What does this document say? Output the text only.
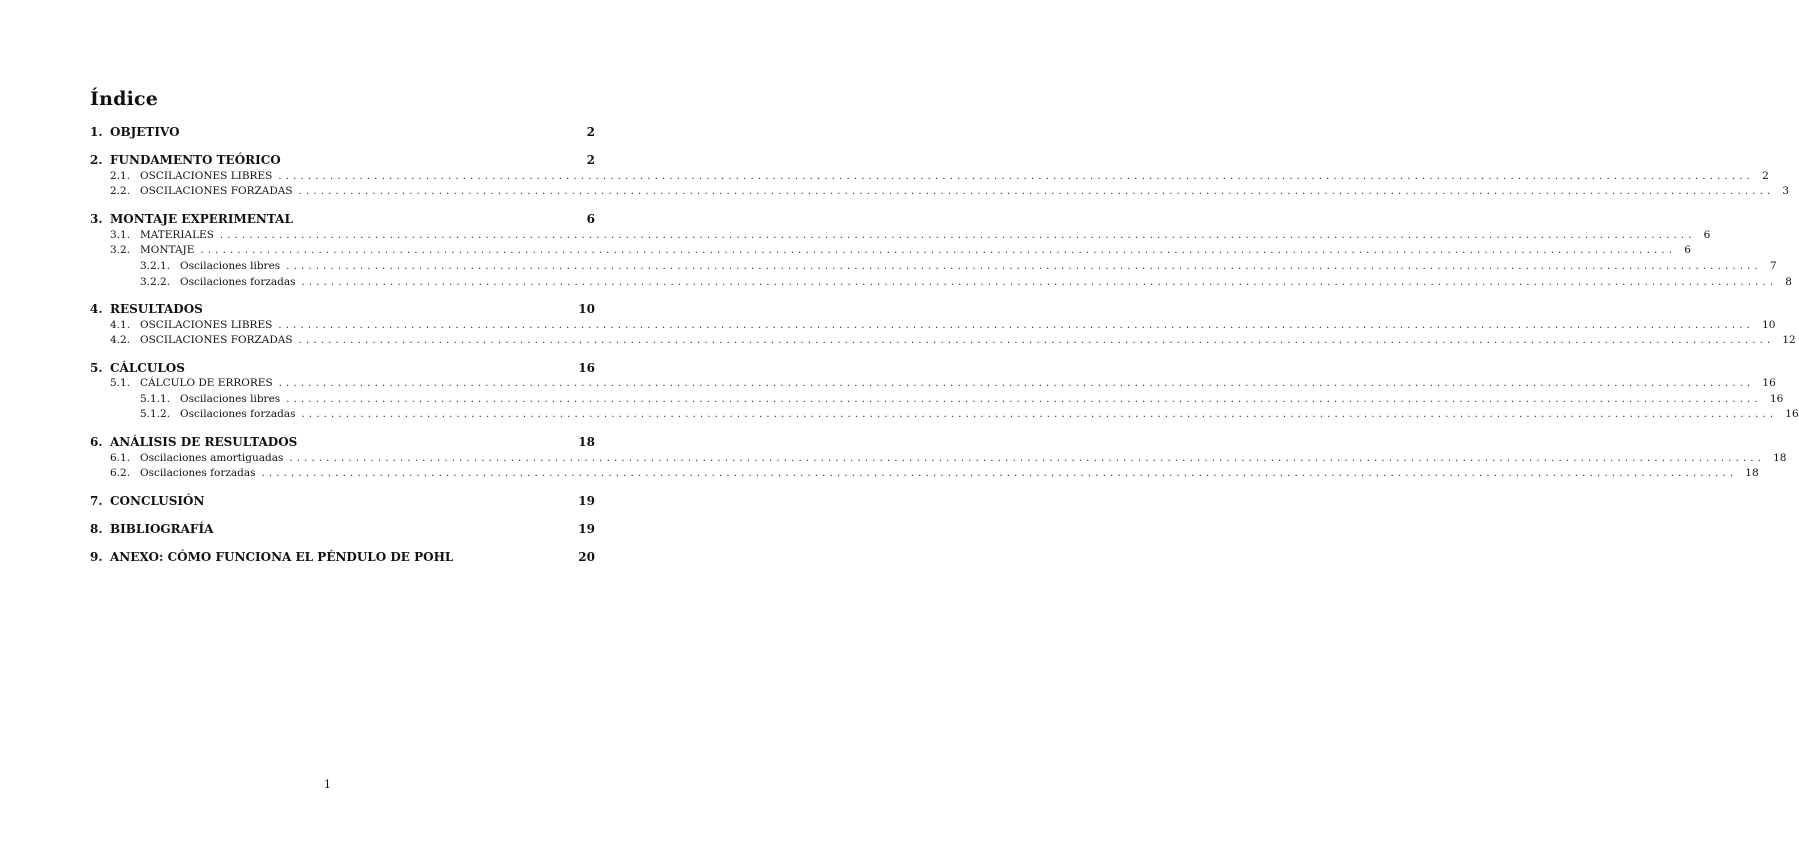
Índice
1. OBJETIVO	2
2. FUNDAMENTO TEÓRICO	2
2.1. OSCILACIONES LIBRES ........................................................................................................................................................................................................ 2
2.2. OSCILACIONES FORZADAS ........................................................................................................................................................................................................ 3
3. MONTAJE EXPERIMENTAL	6
3.1. MATERIALES ........................................................................................................................................................................................................ 6
3.2. MONTAJE ........................................................................................................................................................................................................ 6
3.2.1. Oscilaciones libres ........................................................................................................................................................................................................ 7
3.2.2. Oscilaciones forzadas ........................................................................................................................................................................................................ 8
4. RESULTADOS	10
4.1. OSCILACIONES LIBRES ........................................................................................................................................................................................................ 10
4.2. OSCILACIONES FORZADAS ........................................................................................................................................................................................................ 12
5. CÁLCULOS	16
5.1. CÁLCULO DE ERRORES ........................................................................................................................................................................................................ 16
5.1.1. Oscilaciones libres ........................................................................................................................................................................................................ 16
5.1.2. Oscilaciones forzadas ........................................................................................................................................................................................................ 16
6. ANÁLISIS DE RESULTADOS	18
6.1. Oscilaciones amortiguadas ........................................................................................................................................................................................................ 18
6.2. Oscilaciones forzadas ........................................................................................................................................................................................................ 18
7. CONCLUSIÓN	19
8. BIBLIOGRAFÍA	19
9. ANEXO: CÓMO FUNCIONA EL PÉNDULO DE POHL	20
1
